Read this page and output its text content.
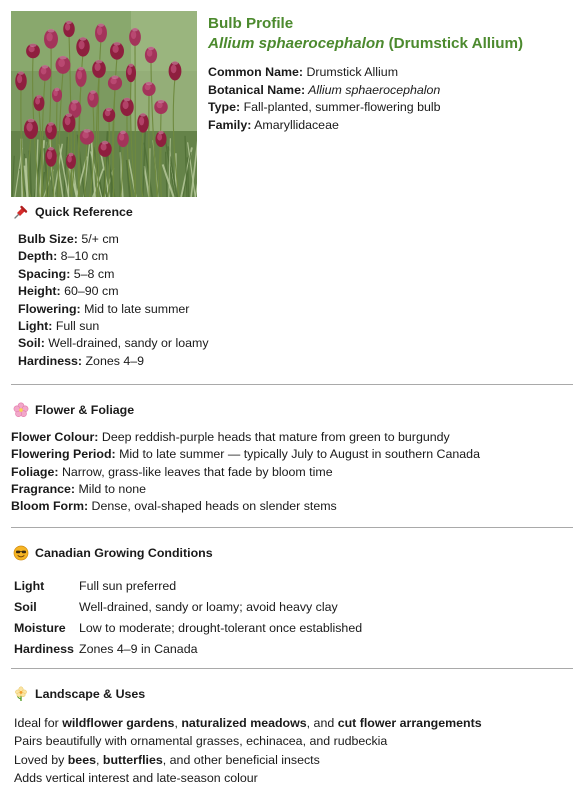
Bulb Profile
Allium sphaerocephalon (Drumstick Allium)
Common Name: Drumstick Allium
Botanical Name: Allium sphaerocephalon
Type: Fall-planted, summer-flowering bulb
Family: Amaryllidaceae
Quick Reference
Bulb Size: 5/+ cm
Depth: 8–10 cm
Spacing: 5–8 cm
Height: 60–90 cm
Flowering: Mid to late summer
Light: Full sun
Soil: Well-drained, sandy or loamy
Hardiness: Zones 4–9
Flower & Foliage
Flower Colour: Deep reddish-purple heads that mature from green to burgundy
Flowering Period: Mid to late summer — typically July to August in southern Canada
Foliage: Narrow, grass-like leaves that fade by bloom time
Fragrance: Mild to none
Bloom Form: Dense, oval-shaped heads on slender stems
Canadian Growing Conditions
Light	Full sun preferred
Soil	Well-drained, sandy or loamy; avoid heavy clay
Moisture	Low to moderate; drought-tolerant once established
Hardiness	Zones 4–9 in Canada
Landscape & Uses
Ideal for wildflower gardens, naturalized meadows, and cut flower arrangements
Pairs beautifully with ornamental grasses, echinacea, and rudbeckia
Loved by bees, butterflies, and other beneficial insects
Adds vertical interest and late-season colour
